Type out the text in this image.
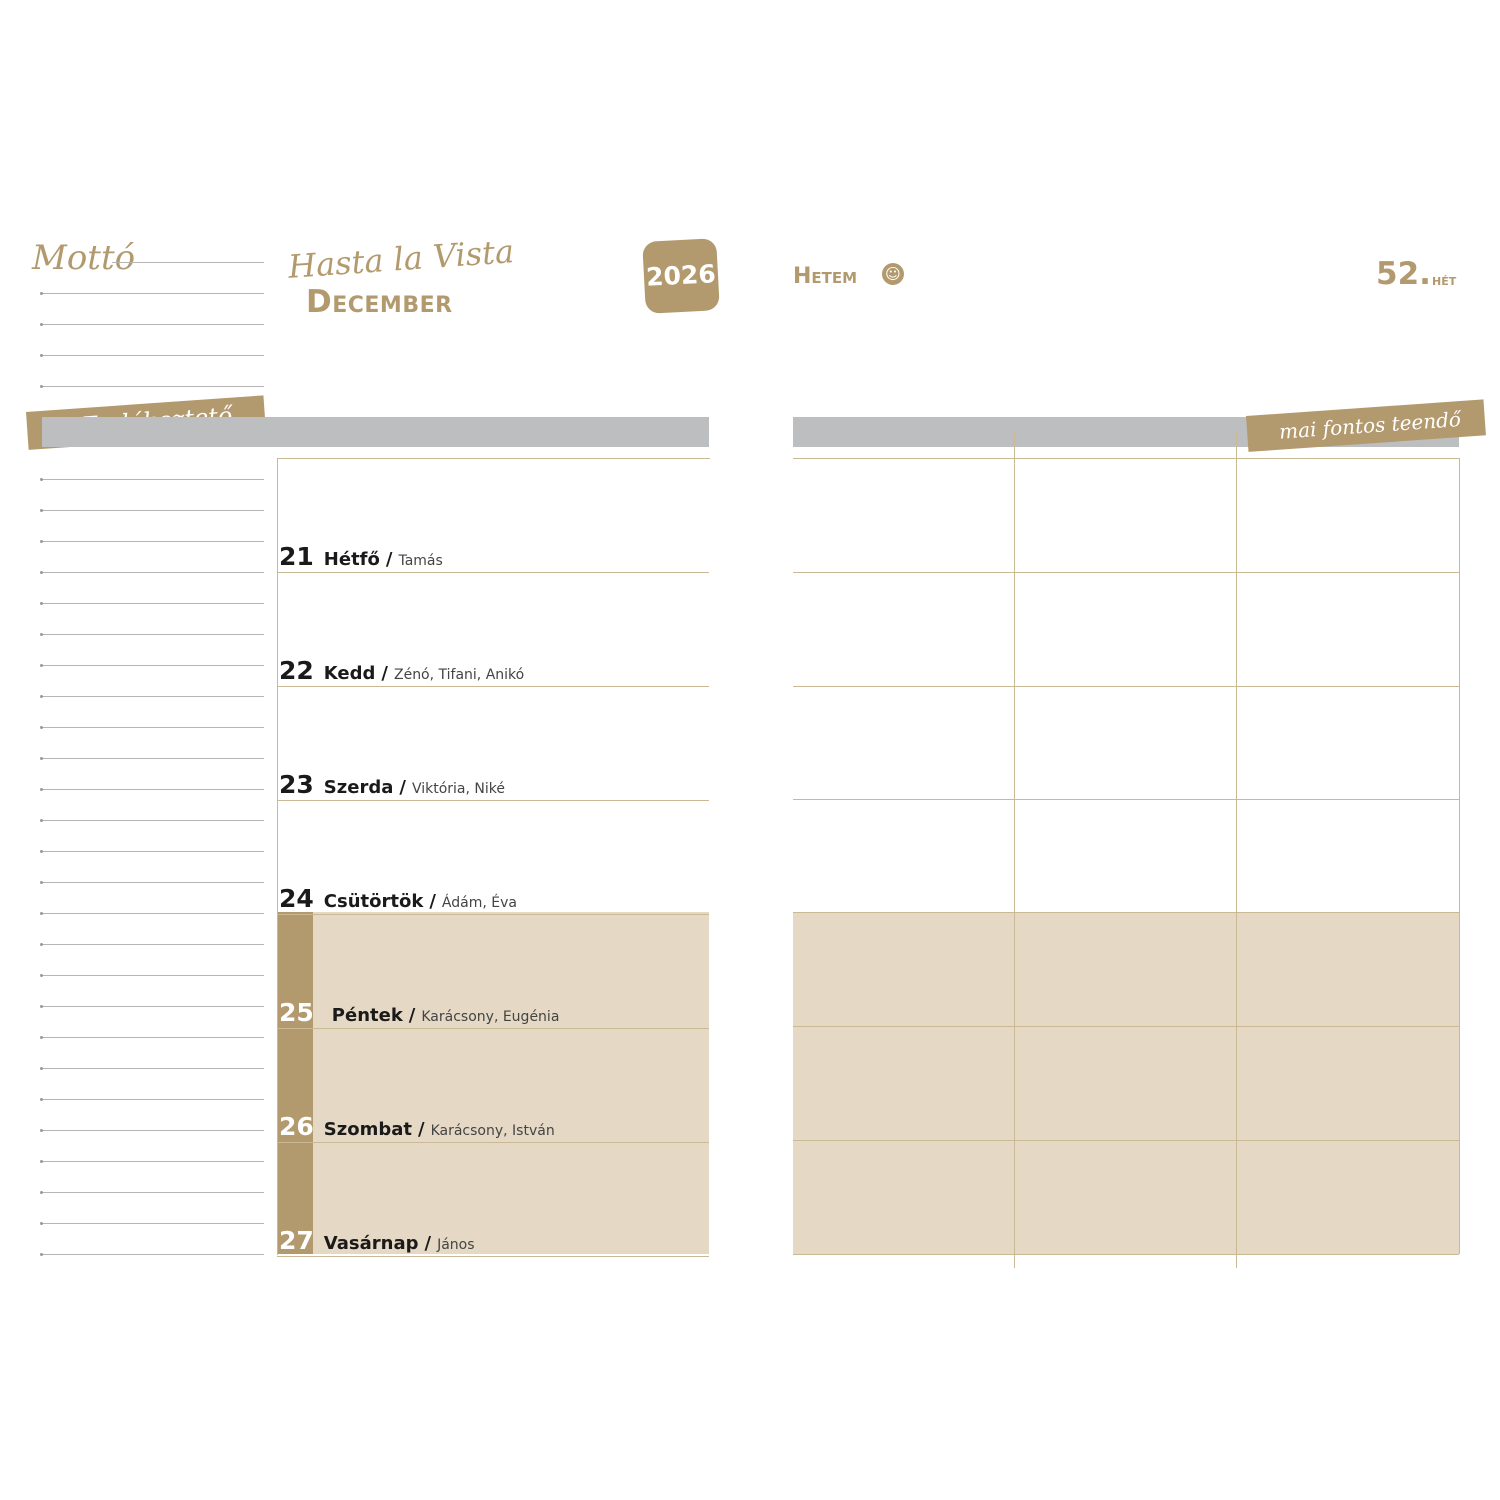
Mottó	Hasta la Vista
December
2026
21 Hétfő / Tamás
22 Kedd / Zénó, Tifani, Anikó
23 Szerda / Viktória, Niké
24 Csütörtök / Ádám, Éva
25 Péntek / Karácsony, Eugénia
26 Szombat / Karácsony, István
27 Vasárnap / János
Hetem ☺	52. hét
mai fontos teendő
